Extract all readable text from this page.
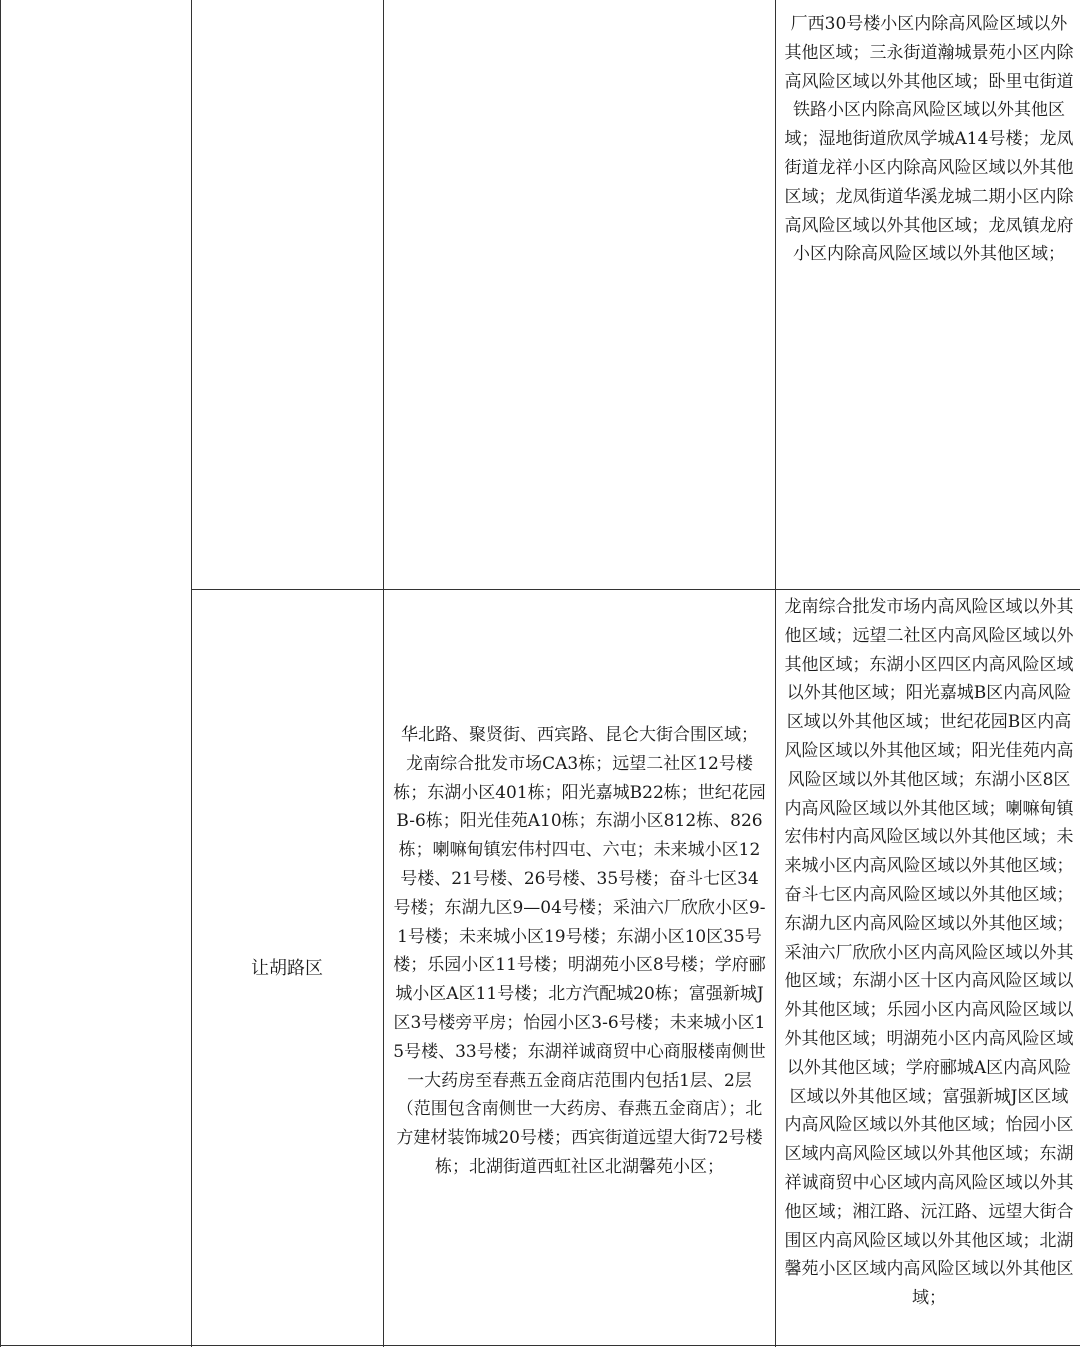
厂西30号楼小区内除高风险区域以外其他区域；三永街道瀚城景苑小区内除高风险区域以外其他区域；卧里屯街道铁路小区内除高风险区域以外其他区域；湿地街道欣凤学城A14号楼；龙凤街道龙祥小区内除高风险区域以外其他区域；龙凤街道华溪龙城二期小区内除高风险区域以外其他区域；龙凤镇龙府小区内除高风险区域以外其他区域；
让胡路区
华北路、聚贤街、西宾路、昆仑大街合围区域；龙南综合批发市场CA3栋；远望二社区12号楼栋；东湖小区401栋；阳光嘉城B22栋；世纪花园B-6栋；阳光佳苑A10栋；东湖小区812栋、826栋；喇嘛甸镇宏伟村四屯、六屯；未来城小区12号楼、21号楼、26号楼、35号楼；奋斗七区34号楼；东湖九区9—04号楼；采油六厂欣欣小区9-1号楼；未来城小区19号楼；东湖小区10区35号楼；乐园小区11号楼；明湖苑小区8号楼；学府郦城小区A区11号楼；北方汽配城20栋；富强新城J区3号楼旁平房；怡园小区3-6号楼；未来城小区15号楼、33号楼；东湖祥诚商贸中心商服楼南侧世一大药房至春燕五金商店范围内包括1层、2层（范围包含南侧世一大药房、春燕五金商店）；北方建材装饰城20号楼；西宾街道远望大街72号楼栋；北湖街道西虹社区北湖馨苑小区；
龙南综合批发市场内高风险区域以外其他区域；远望二社区内高风险区域以外其他区域；东湖小区四区内高风险区域以外其他区域；阳光嘉城B区内高风险区域以外其他区域；世纪花园B区内高风险区域以外其他区域；阳光佳苑内高风险区域以外其他区域；东湖小区8区内高风险区域以外其他区域；喇嘛甸镇宏伟村内高风险区域以外其他区域；未来城小区内高风险区域以外其他区域；奋斗七区内高风险区域以外其他区域；东湖九区内高风险区域以外其他区域；采油六厂欣欣小区内高风险区域以外其他区域；东湖小区十区内高风险区域以外其他区域；乐园小区内高风险区域以外其他区域；明湖苑小区内高风险区域以外其他区域；学府郦城A区内高风险区域以外其他区域；富强新城J区区域内高风险区域以外其他区域；怡园小区区域内高风险区域以外其他区域；东湖祥诚商贸中心区域内高风险区域以外其他区域；湘江路、沅江路、远望大街合围区内高风险区域以外其他区域；北湖馨苑小区区域内高风险区域以外其他区域；
